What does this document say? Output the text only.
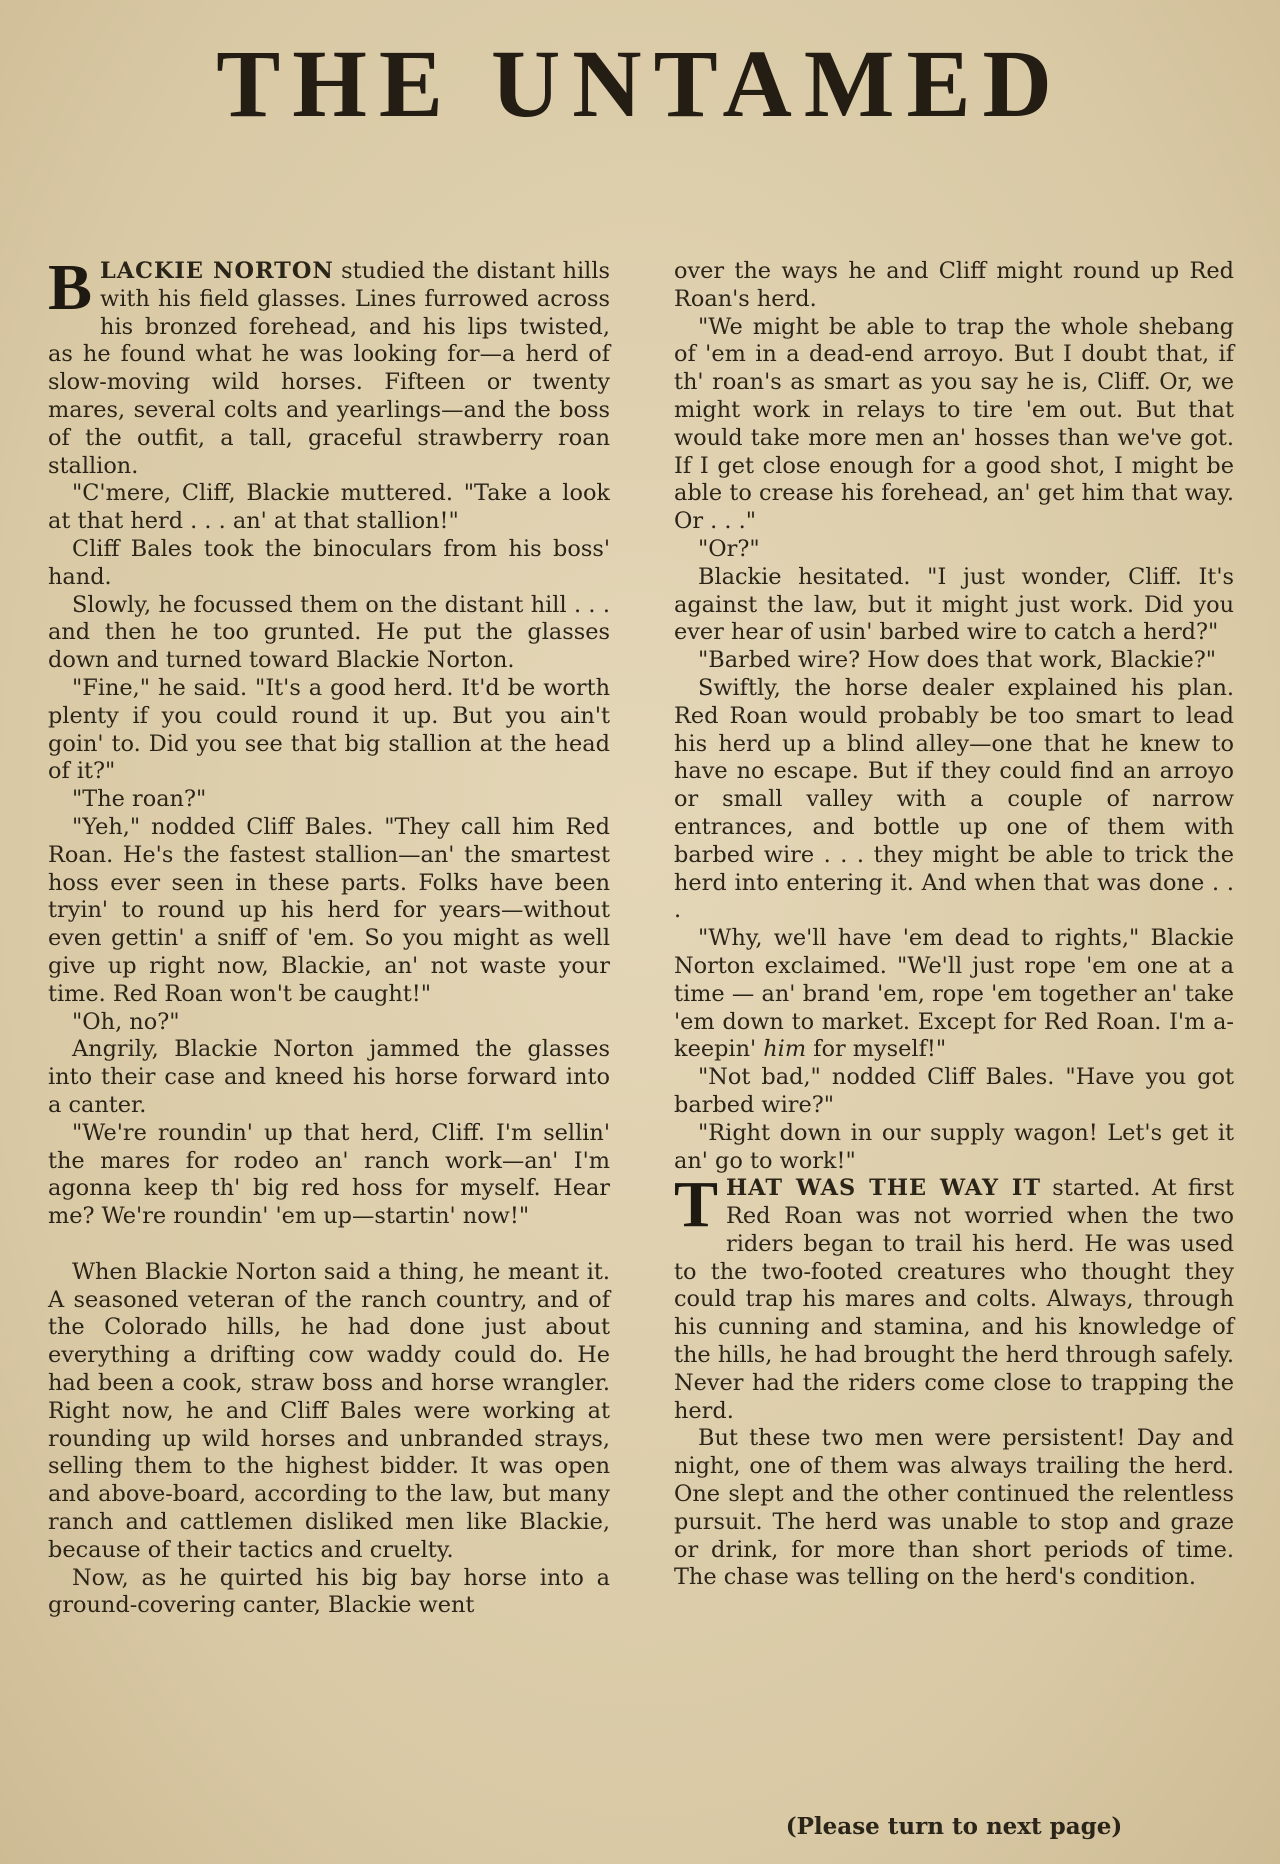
THE UNTAMED

BLACKIE NORTON studied the distant hills with his field glasses. Lines furrowed across his bronzed forehead, and his lips twisted, as he found what he was looking for—a herd of slow-moving wild horses. Fifteen or twenty mares, several colts and yearlings—and the boss of the outfit, a tall, graceful strawberry roan stallion.

"C'mere, Cliff, Blackie muttered. "Take a look at that herd . . . an' at that stallion!"

Cliff Bales took the binoculars from his boss' hand.

Slowly, he focussed them on the distant hill . . . and then he too grunted. He put the glasses down and turned toward Blackie Norton.

"Fine," he said. "It's a good herd. It'd be worth plenty if you could round it up. But you ain't goin' to. Did you see that big stallion at the head of it?"

"The roan?"

"Yeh," nodded Cliff Bales. "They call him Red Roan. He's the fastest stallion—an' the smartest hoss ever seen in these parts. Folks have been tryin' to round up his herd for years—without even gettin' a sniff of 'em. So you might as well give up right now, Blackie, an' not waste your time. Red Roan won't be caught!"

"Oh, no?"

Angrily, Blackie Norton jammed the glasses into their case and kneed his horse forward into a canter.

"We're roundin' up that herd, Cliff. I'm sellin' the mares for rodeo an' ranch work—an' I'm agonna keep th' big red hoss for myself. Hear me? We're roundin' 'em up—startin' now!"

When Blackie Norton said a thing, he meant it. A seasoned veteran of the ranch country, and of the Colorado hills, he had done just about everything a drifting cow waddy could do. He had been a cook, straw boss and horse wrangler. Right now, he and Cliff Bales were working at rounding up wild horses and unbranded strays, selling them to the highest bidder. It was open and above-board, according to the law, but many ranch and cattlemen disliked men like Blackie, because of their tactics and cruelty.

Now, as he quirted his big bay horse into a ground-covering canter, Blackie went

over the ways he and Cliff might round up Red Roan's herd.

"We might be able to trap the whole shebang of 'em in a dead-end arroyo. But I doubt that, if th' roan's as smart as you say he is, Cliff. Or, we might work in relays to tire 'em out. But that would take more men an' hosses than we've got. If I get close enough for a good shot, I might be able to crease his forehead, an' get him that way. Or . . ."

"Or?"

Blackie hesitated. "I just wonder, Cliff. It's against the law, but it might just work. Did you ever hear of usin' barbed wire to catch a herd?"

"Barbed wire? How does that work, Blackie?"

Swiftly, the horse dealer explained his plan. Red Roan would probably be too smart to lead his herd up a blind alley—one that he knew to have no escape. But if they could find an arroyo or small valley with a couple of narrow entrances, and bottle up one of them with barbed wire . . . they might be able to trick the herd into entering it. And when that was done . . .

"Why, we'll have 'em dead to rights," Blackie Norton exclaimed. "We'll just rope 'em one at a time — an' brand 'em, rope 'em together an' take 'em down to market. Except for Red Roan. I'm a-keepin' him for myself!"

"Not bad," nodded Cliff Bales. "Have you got barbed wire?"

"Right down in our supply wagon! Let's get it an' go to work!"

THAT WAS THE WAY IT started. At first Red Roan was not worried when the two riders began to trail his herd. He was used to the two-footed creatures who thought they could trap his mares and colts. Always, through his cunning and stamina, and his knowledge of the hills, he had brought the herd through safely. Never had the riders come close to trapping the herd.

But these two men were persistent! Day and night, one of them was always trailing the herd. One slept and the other continued the relentless pursuit. The herd was unable to stop and graze or drink, for more than short periods of time. The chase was telling on the herd's condition.

(Please turn to next page)
